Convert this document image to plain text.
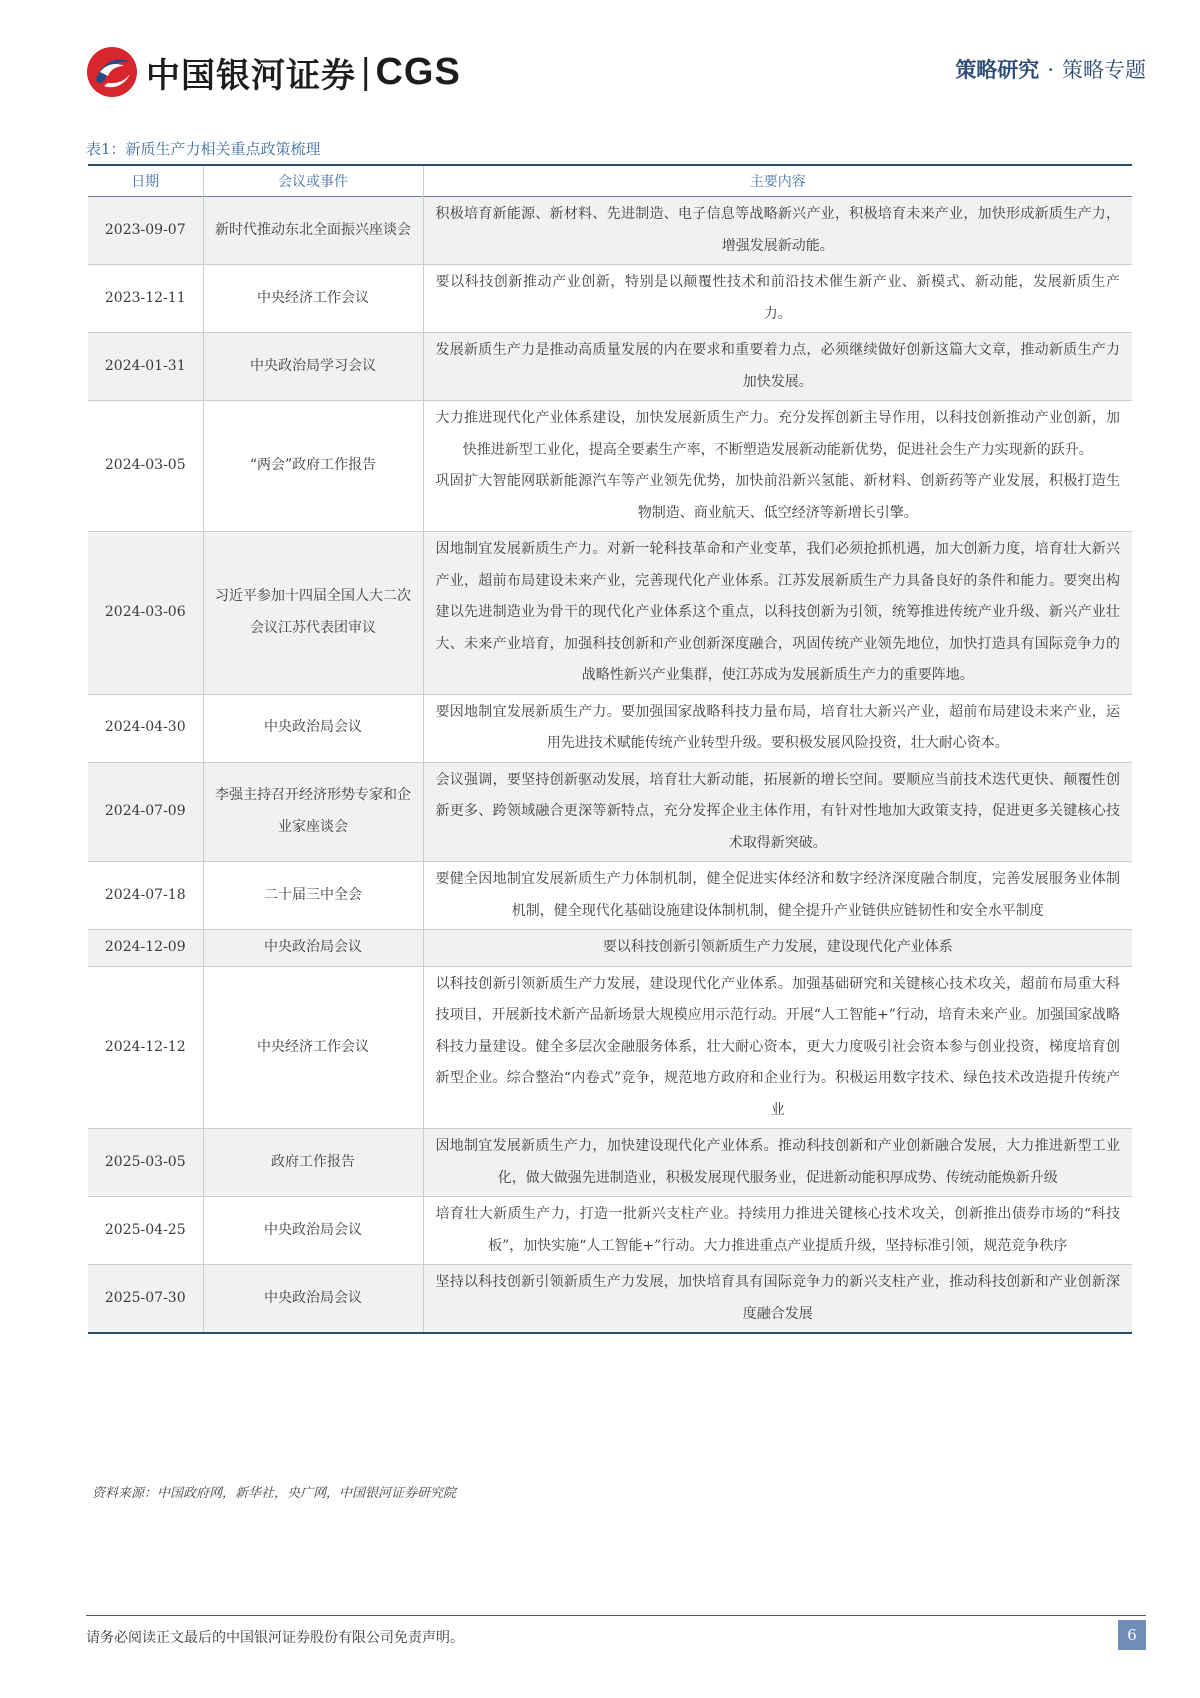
中国银河证券 | CGS	策略研究 · 策略专题
表1：新质生产力相关重点政策梳理
日期	会议或事件	主要内容
2023-09-07	新时代推动东北全面振兴座谈会	积极培育新能源、新材料、先进制造、电子信息等战略新兴产业，积极培育未来产业，加快形成新质生产力，增强发展新动能。
2023-12-11	中央经济工作会议	要以科技创新推动产业创新，特别是以颠覆性技术和前沿技术催生新产业、新模式、新动能，发展新质生产力。
2024-01-31	中央政治局学习会议	发展新质生产力是推动高质量发展的内在要求和重要着力点，必须继续做好创新这篇大文章，推动新质生产力加快发展。
2024-03-05	“两会”政府工作报告	大力推进现代化产业体系建设，加快发展新质生产力。充分发挥创新主导作用，以科技创新推动产业创新，加快推进新型工业化，提高全要素生产率，不断塑造发展新动能新优势，促进社会生产力实现新的跃升。
巩固扩大智能网联新能源汽车等产业领先优势，加快前沿新兴氢能、新材料、创新药等产业发展，积极打造生物制造、商业航天、低空经济等新增长引擎。

2024-03-06	习近平参加十四届全国人大二次会议江苏代表团审议	因地制宜发展新质生产力。对新一轮科技革命和产业变革，我们必须抢抓机遇，加大创新力度，培育壮大新兴产业，超前布局建设未来产业，完善现代化产业体系。江苏发展新质生产力具备良好的条件和能力。要突出构建以先进制造业为骨干的现代化产业体系这个重点，以科技创新为引领，统筹推进传统产业升级、新兴产业壮大、未来产业培育，加强科技创新和产业创新深度融合，巩固传统产业领先地位，加快打造具有国际竞争力的战略性新兴产业集群，使江苏成为发展新质生产力的重要阵地。
2024-04-30	中央政治局会议	要因地制宜发展新质生产力。要加强国家战略科技力量布局，培育壮大新兴产业，超前布局建设未来产业，运用先进技术赋能传统产业转型升级。要积极发展风险投资，壮大耐心资本。
2024-07-09	李强主持召开经济形势专家和企业家座谈会	会议强调，要坚持创新驱动发展，培育壮大新动能，拓展新的增长空间。要顺应当前技术迭代更快、颠覆性创新更多、跨领域融合更深等新特点，充分发挥企业主体作用，有针对性地加大政策支持，促进更多关键核心技术取得新突破。
2024-07-18	二十届三中全会	要健全因地制宜发展新质生产力体制机制，健全促进实体经济和数字经济深度融合制度，完善发展服务业体制机制，健全现代化基础设施建设体制机制，健全提升产业链供应链韧性和安全水平制度
2024-12-09	中央政治局会议	要以科技创新引领新质生产力发展，建设现代化产业体系
2024-12-12	中央经济工作会议	以科技创新引领新质生产力发展，建设现代化产业体系。加强基础研究和关键核心技术攻关，超前布局重大科技项目，开展新技术新产品新场景大规模应用示范行动。开展“人工智能+”行动，培育未来产业。加强国家战略科技力量建设。健全多层次金融服务体系，壮大耐心资本，更大力度吸引社会资本参与创业投资，梯度培育创新型企业。综合整治“内卷式”竞争，规范地方政府和企业行为。积极运用数字技术、绿色技术改造提升传统产业
2025-03-05	政府工作报告	因地制宜发展新质生产力，加快建设现代化产业体系。推动科技创新和产业创新融合发展，大力推进新型工业化，做大做强先进制造业，积极发展现代服务业，促进新动能积厚成势、传统动能焕新升级
2025-04-25	中央政治局会议	培育壮大新质生产力，打造一批新兴支柱产业。持续用力推进关键核心技术攻关，创新推出债券市场的“科技板”，加快实施“人工智能+”行动。大力推进重点产业提质升级，坚持标准引领，规范竞争秩序
2025-07-30	中央政治局会议	坚持以科技创新引领新质生产力发展，加快培育具有国际竞争力的新兴支柱产业，推动科技创新和产业创新深度融合发展
资料来源：中国政府网，新华社，央广网，中国银河证券研究院
请务必阅读正文最后的中国银河证券股份有限公司免责声明。	6
